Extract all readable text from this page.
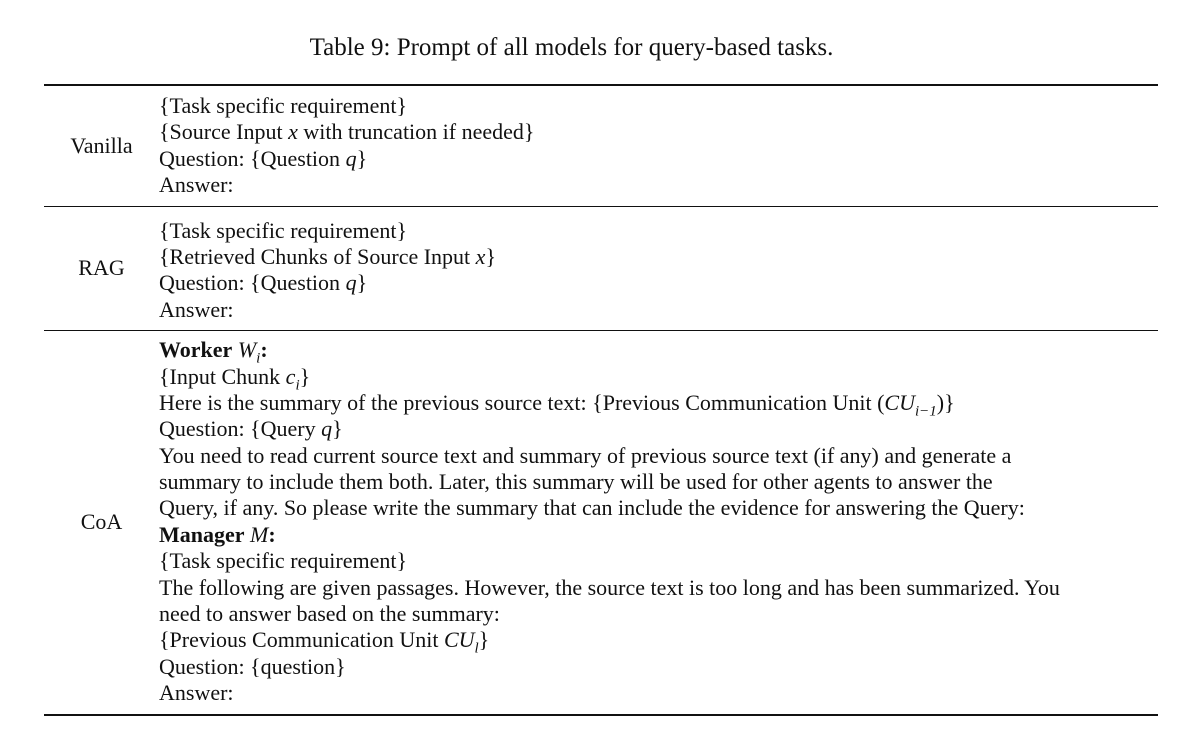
Table 9: Prompt of all models for query-based tasks.
Vanilla
{Task specific requirement}
{Source Input x with truncation if needed}
Question: {Question q}
Answer:
RAG
{Task specific requirement}
{Retrieved Chunks of Source Input x}
Question: {Question q}
Answer:
CoA
Worker $W_i$:
{Input Chunk $c_i$}
Here is the summary of the previous source text: {Previous Communication Unit $(CU_{i-1})$}
Question: {Query q}
You need to read current source text and summary of previous source text (if any) and generate a
summary to include them both. Later, this summary will be used for other agents to answer the
Query, if any. So please write the summary that can include the evidence for answering the Query:
Manager M:
{Task specific requirement}
The following are given passages. However, the source text is too long and has been summarized. You
need to answer based on the summary:
{Previous Communication Unit $CU_l$}
Question: {question}
Answer:
